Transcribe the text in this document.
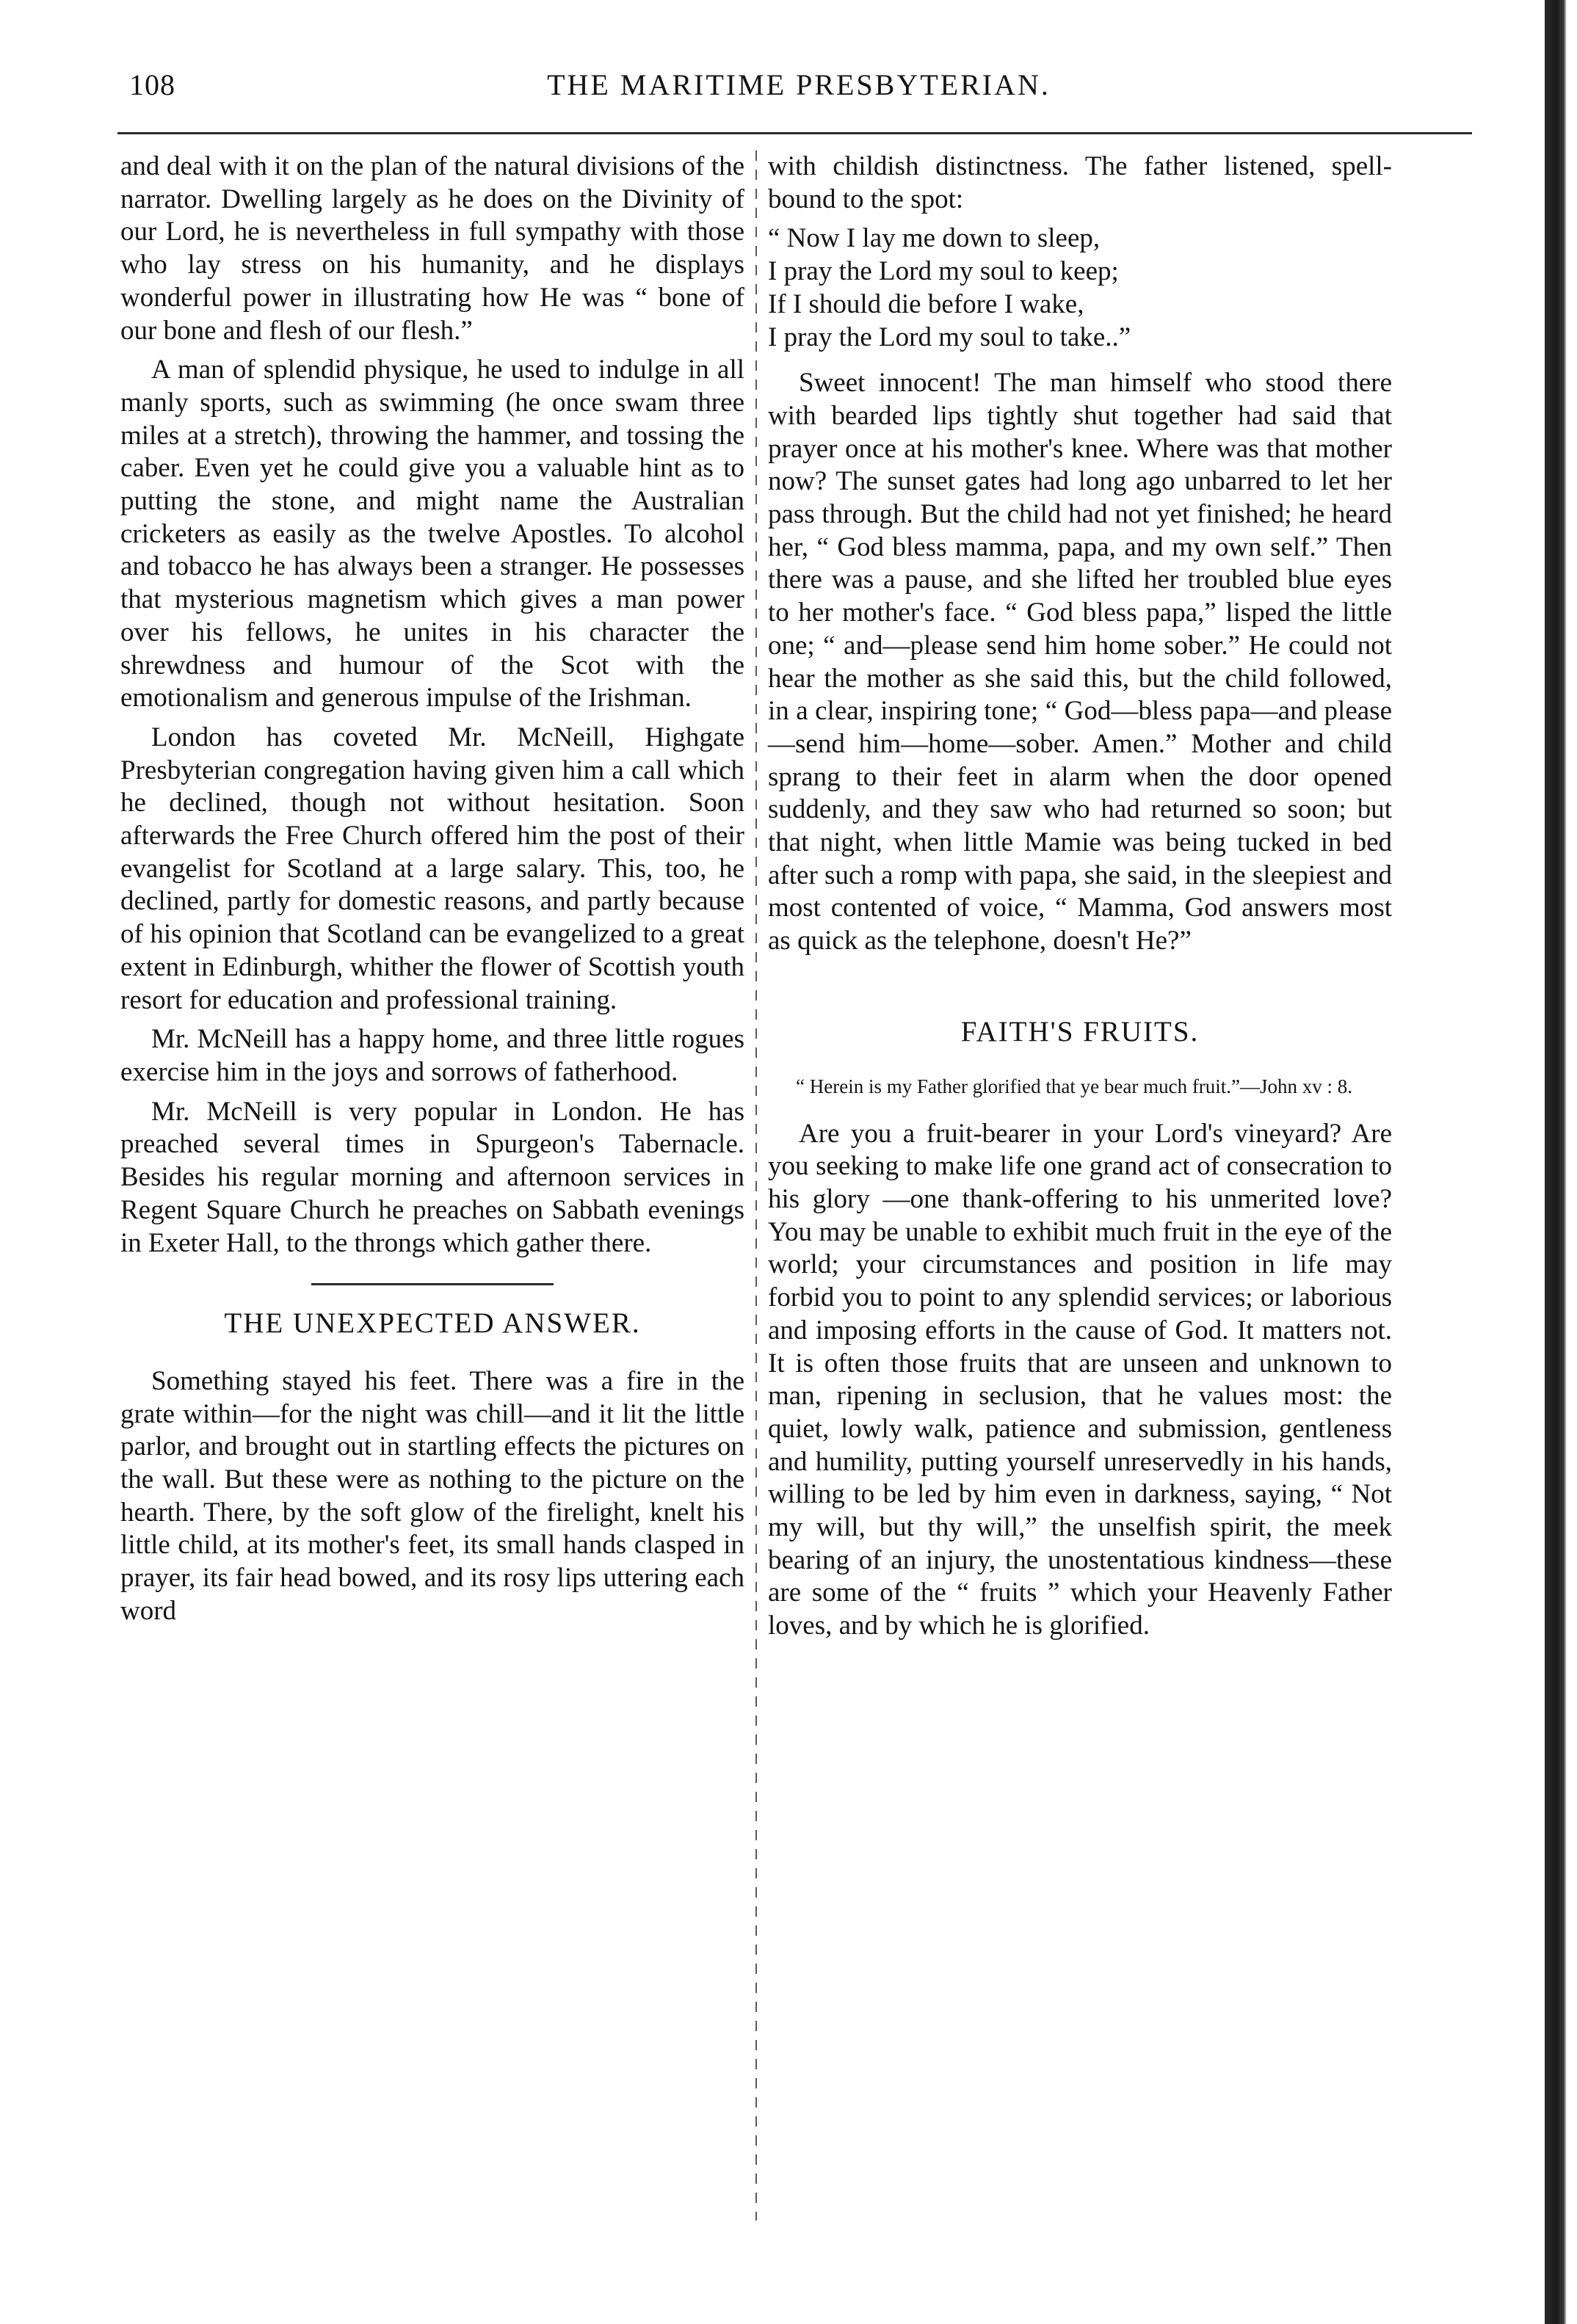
108	THE MARITIME PRESBYTERIAN.

and deal with it on the plan of the natural divisions of the narrator. Dwelling largely as he does on the Divinity of our Lord, he is nevertheless in full sympathy with those who lay stress on his humanity, and he displays wonderful power in illustrating how He was “ bone of our bone and flesh of our flesh.”

A man of splendid physique, he used to indulge in all manly sports, such as swimming (he once swam three miles at a stretch), throwing the hammer, and tossing the caber. Even yet he could give you a valuable hint as to putting the stone, and might name the Australian cricketers as easily as the twelve Apostles. To alcohol and tobacco he has always been a stranger. He possesses that mysterious magnetism which gives a man power over his fellows, he unites in his character the shrewdness and humour of the Scot with the emotionalism and generous impulse of the Irishman.

London has coveted Mr. McNeill, Highgate Presbyterian congregation having given him a call which he declined, though not without hesitation. Soon afterwards the Free Church offered him the post of their evangelist for Scotland at a large salary. This, too, he declined, partly for domestic reasons, and partly because of his opinion that Scotland can be evangelized to a great extent in Edinburgh, whither the flower of Scottish youth resort for education and professional training.

Mr. McNeill has a happy home, and three little rogues exercise him in the joys and sorrows of fatherhood.

Mr. McNeill is very popular in London. He has preached several times in Spurgeon's Tabernacle. Besides his regular morning and afternoon services in Regent Square Church he preaches on Sabbath evenings in Exeter Hall, to the throngs which gather there.

THE UNEXPECTED ANSWER.

Something stayed his feet. There was a fire in the grate within—for the night was chill—and it lit the little parlor, and brought out in startling effects the pictures on the wall. But these were as nothing to the picture on the hearth. There, by the soft glow of the firelight, knelt his little child, at its mother's feet, its small hands clasped in prayer, its fair head bowed, and its rosy lips uttering each word

with childish distinctness. The father listened, spell-bound to the spot:

“ Now I lay me down to sleep,
I pray the Lord my soul to keep;
If I should die before I wake,
I pray the Lord my soul to take..”

Sweet innocent! The man himself who stood there with bearded lips tightly shut together had said that prayer once at his mother's knee. Where was that mother now? The sunset gates had long ago unbarred to let her pass through. But the child had not yet finished; he heard her, “ God bless mamma, papa, and my own self.” Then there was a pause, and she lifted her troubled blue eyes to her mother's face. “ God bless papa,” lisped the little one; “ and—please send him home sober.” He could not hear the mother as she said this, but the child followed, in a clear, inspiring tone; “ God—bless papa—and please—send him—home—sober. Amen.” Mother and child sprang to their feet in alarm when the door opened suddenly, and they saw who had returned so soon; but that night, when little Mamie was being tucked in bed after such a romp with papa, she said, in the sleepiest and most contented of voice, “ Mamma, God answers most as quick as the telephone, doesn't He?”

FAITH'S FRUITS.
“ Herein is my Father glorified that ye bear much fruit.”—John xv : 8.

Are you a fruit-bearer in your Lord's vineyard? Are you seeking to make life one grand act of consecration to his glory —one thank-offering to his unmerited love? You may be unable to exhibit much fruit in the eye of the world; your circumstances and position in life may forbid you to point to any splendid services; or laborious and imposing efforts in the cause of God. It matters not. It is often those fruits that are unseen and unknown to man, ripening in seclusion, that he values most: the quiet, lowly walk, patience and submission, gentleness and humility, putting yourself unreservedly in his hands, willing to be led by him even in darkness, saying, “ Not my will, but thy will,” the unselfish spirit, the meek bearing of an injury, the unostentatious kindness—these are some of the “ fruits ” which your Heavenly Father loves, and by which he is glorified.
